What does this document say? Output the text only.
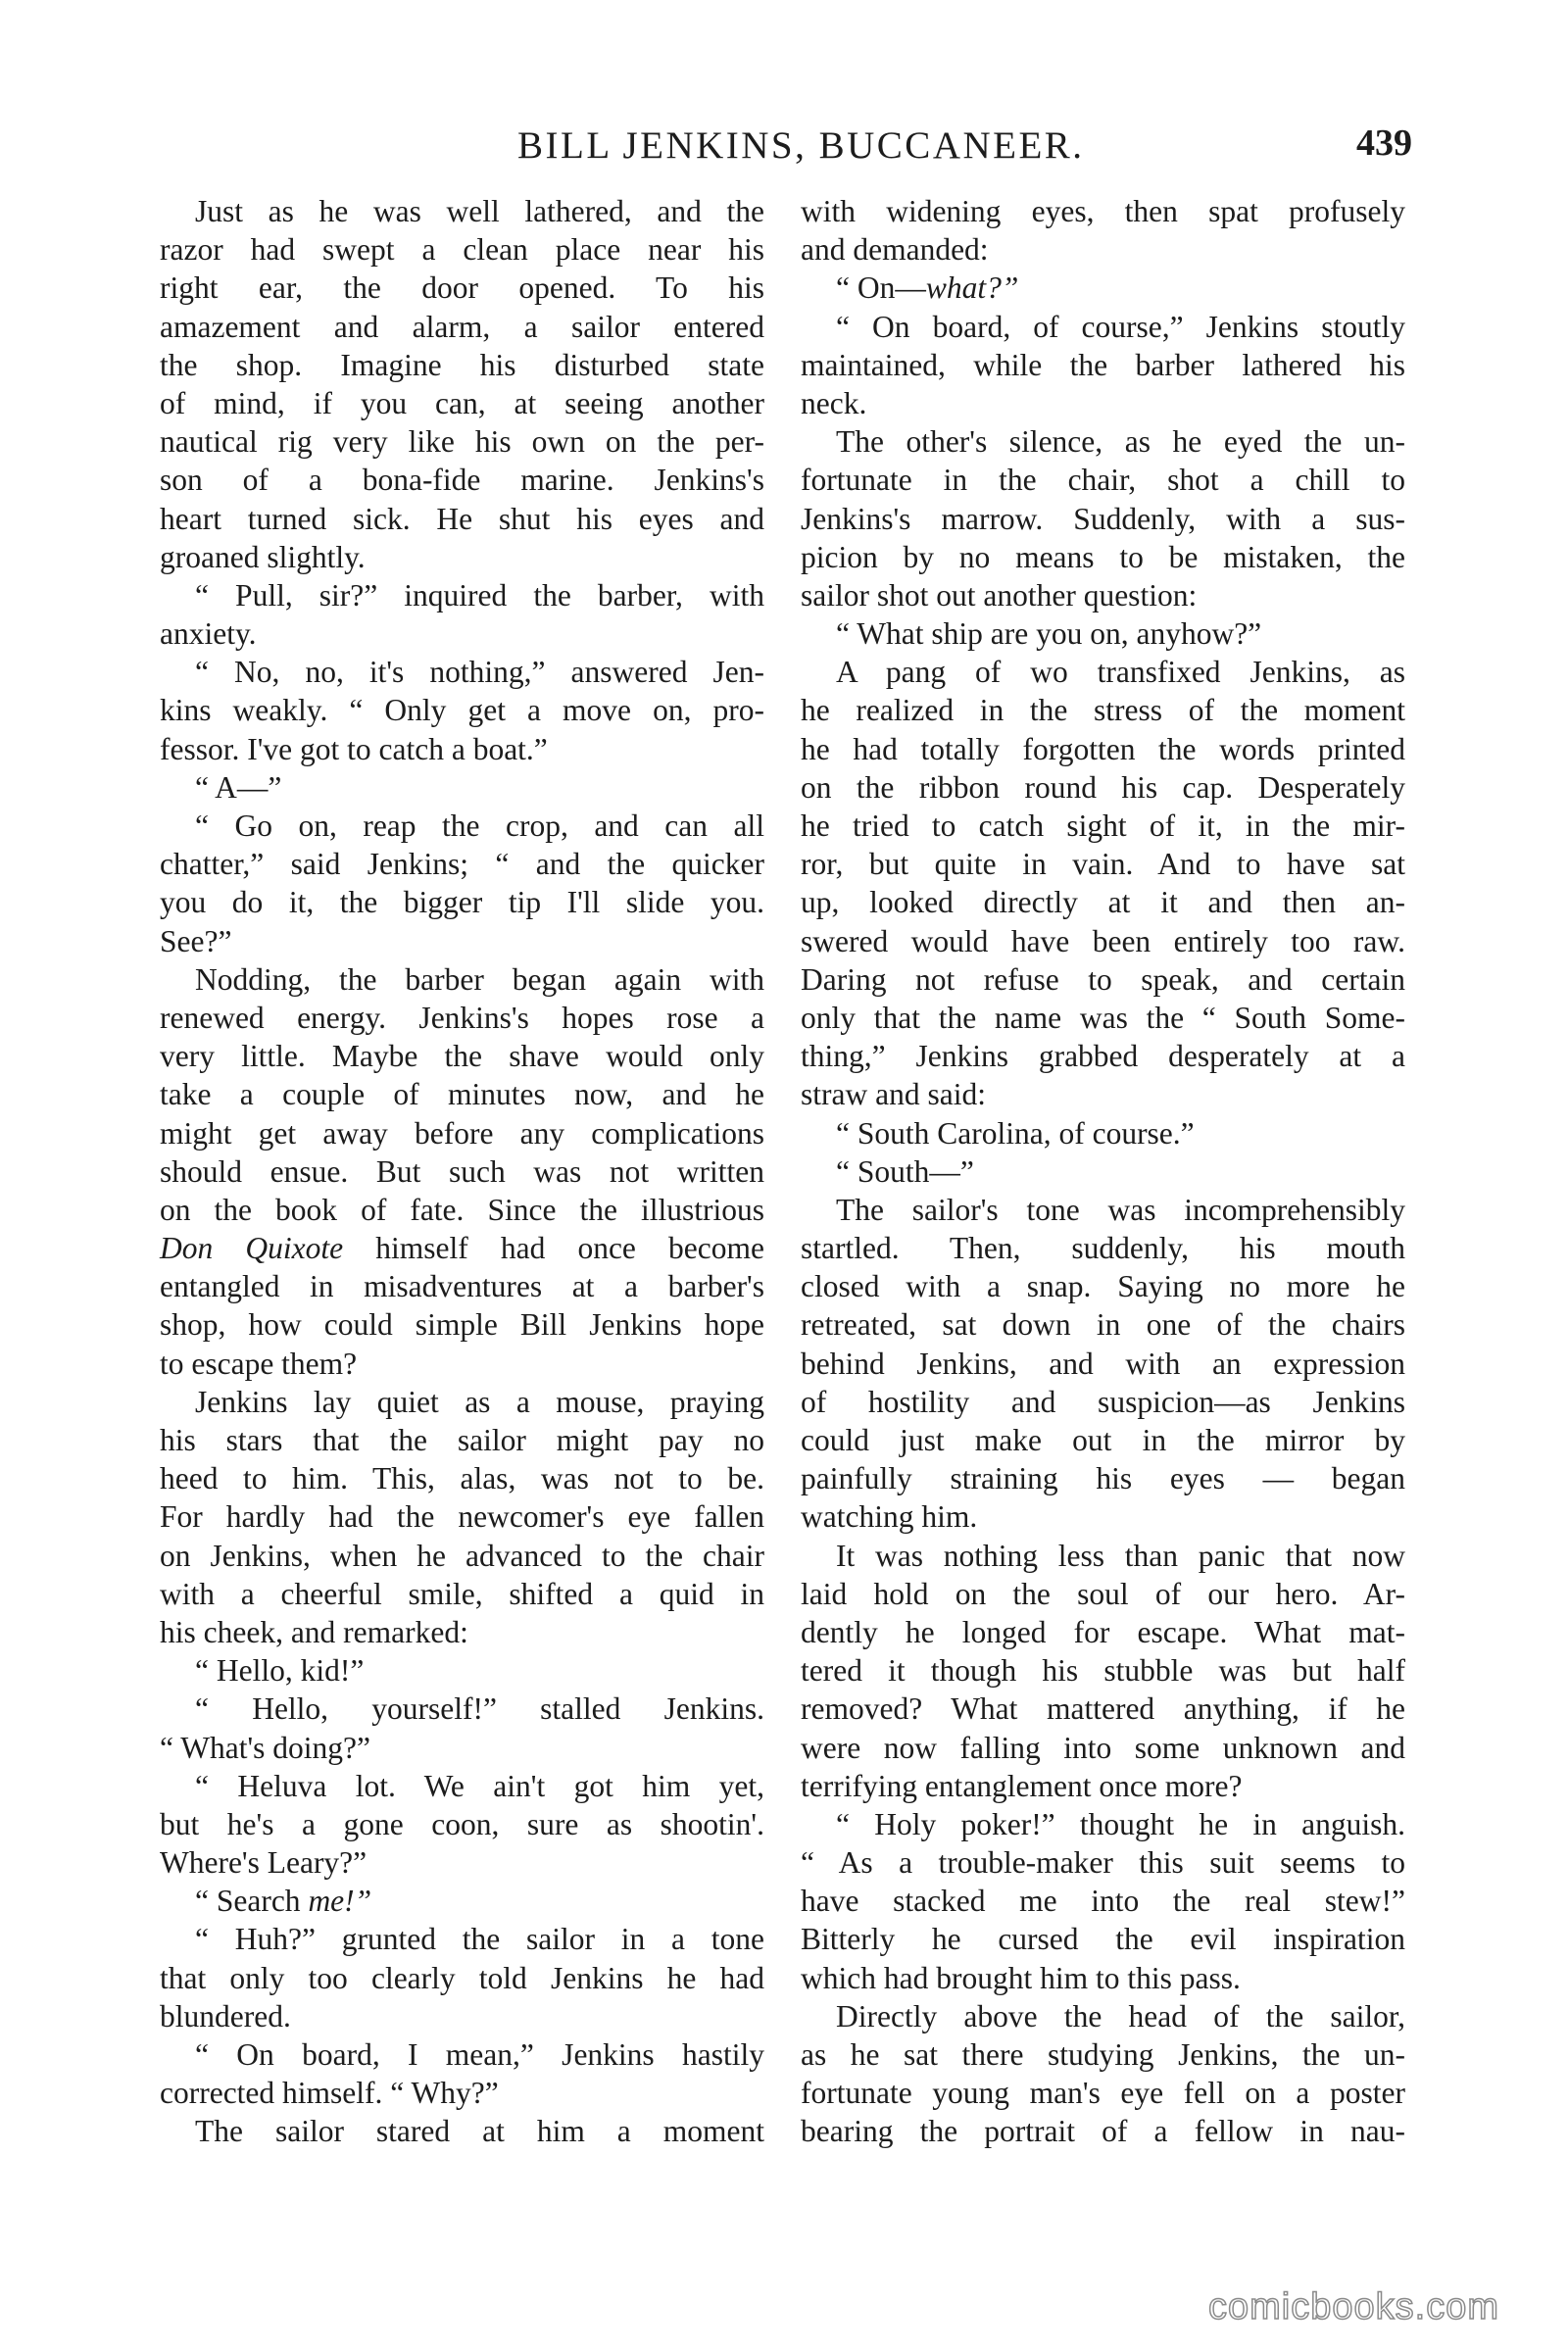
BILL JENKINS, BUCCANEER.	439
Just as he was well lathered, and the
razor had swept a clean place near his
right ear, the door opened. To his
amazement and alarm, a sailor entered
the shop. Imagine his disturbed state
of mind, if you can, at seeing another
nautical rig very like his own on the per-
son of a bona-fide marine. Jenkins's
heart turned sick. He shut his eyes and
groaned slightly.
“ Pull, sir?” inquired the barber, with
anxiety.
“ No, no, it's nothing,” answered Jen-
kins weakly. “ Only get a move on, pro-
fessor. I've got to catch a boat.”
“ A—”
“ Go on, reap the crop, and can all
chatter,” said Jenkins; “ and the quicker
you do it, the bigger tip I'll slide you.
See?”
Nodding, the barber began again with
renewed energy. Jenkins's hopes rose a
very little. Maybe the shave would only
take a couple of minutes now, and he
might get away before any complications
should ensue. But such was not written
on the book of fate. Since the illustrious
Don Quixote himself had once become
entangled in misadventures at a barber's
shop, how could simple Bill Jenkins hope
to escape them?
Jenkins lay quiet as a mouse, praying
his stars that the sailor might pay no
heed to him. This, alas, was not to be.
For hardly had the newcomer's eye fallen
on Jenkins, when he advanced to the chair
with a cheerful smile, shifted a quid in
his cheek, and remarked:
“ Hello, kid!”
“ Hello, yourself!” stalled Jenkins.
“ What's doing?”
“ Heluva lot. We ain't got him yet,
but he's a gone coon, sure as shootin'.
Where's Leary?”
“ Search me!”
“ Huh?” grunted the sailor in a tone
that only too clearly told Jenkins he had
blundered.
“ On board, I mean,” Jenkins hastily
corrected himself. “ Why?”
The sailor stared at him a moment
with widening eyes, then spat profusely
and demanded:
“ On—what?”
“ On board, of course,” Jenkins stoutly
maintained, while the barber lathered his
neck.
The other's silence, as he eyed the un-
fortunate in the chair, shot a chill to
Jenkins's marrow. Suddenly, with a sus-
picion by no means to be mistaken, the
sailor shot out another question:
“ What ship are you on, anyhow?”
A pang of wo transfixed Jenkins, as
he realized in the stress of the moment
he had totally forgotten the words printed
on the ribbon round his cap. Desperately
he tried to catch sight of it, in the mir-
ror, but quite in vain. And to have sat
up, looked directly at it and then an-
swered would have been entirely too raw.
Daring not refuse to speak, and certain
only that the name was the “ South Some-
thing,” Jenkins grabbed desperately at a
straw and said:
“ South Carolina, of course.”
“ South—”
The sailor's tone was incomprehensibly
startled. Then, suddenly, his mouth
closed with a snap. Saying no more he
retreated, sat down in one of the chairs
behind Jenkins, and with an expression
of hostility and suspicion—as Jenkins
could just make out in the mirror by
painfully straining his eyes — began
watching him.
It was nothing less than panic that now
laid hold on the soul of our hero. Ar-
dently he longed for escape. What mat-
tered it though his stubble was but half
removed? What mattered anything, if he
were now falling into some unknown and
terrifying entanglement once more?
“ Holy poker!” thought he in anguish.
“ As a trouble-maker this suit seems to
have stacked me into the real stew!”
Bitterly he cursed the evil inspiration
which had brought him to this pass.
Directly above the head of the sailor,
as he sat there studying Jenkins, the un-
fortunate young man's eye fell on a poster
bearing the portrait of a fellow in nau-
comicbooks.com
